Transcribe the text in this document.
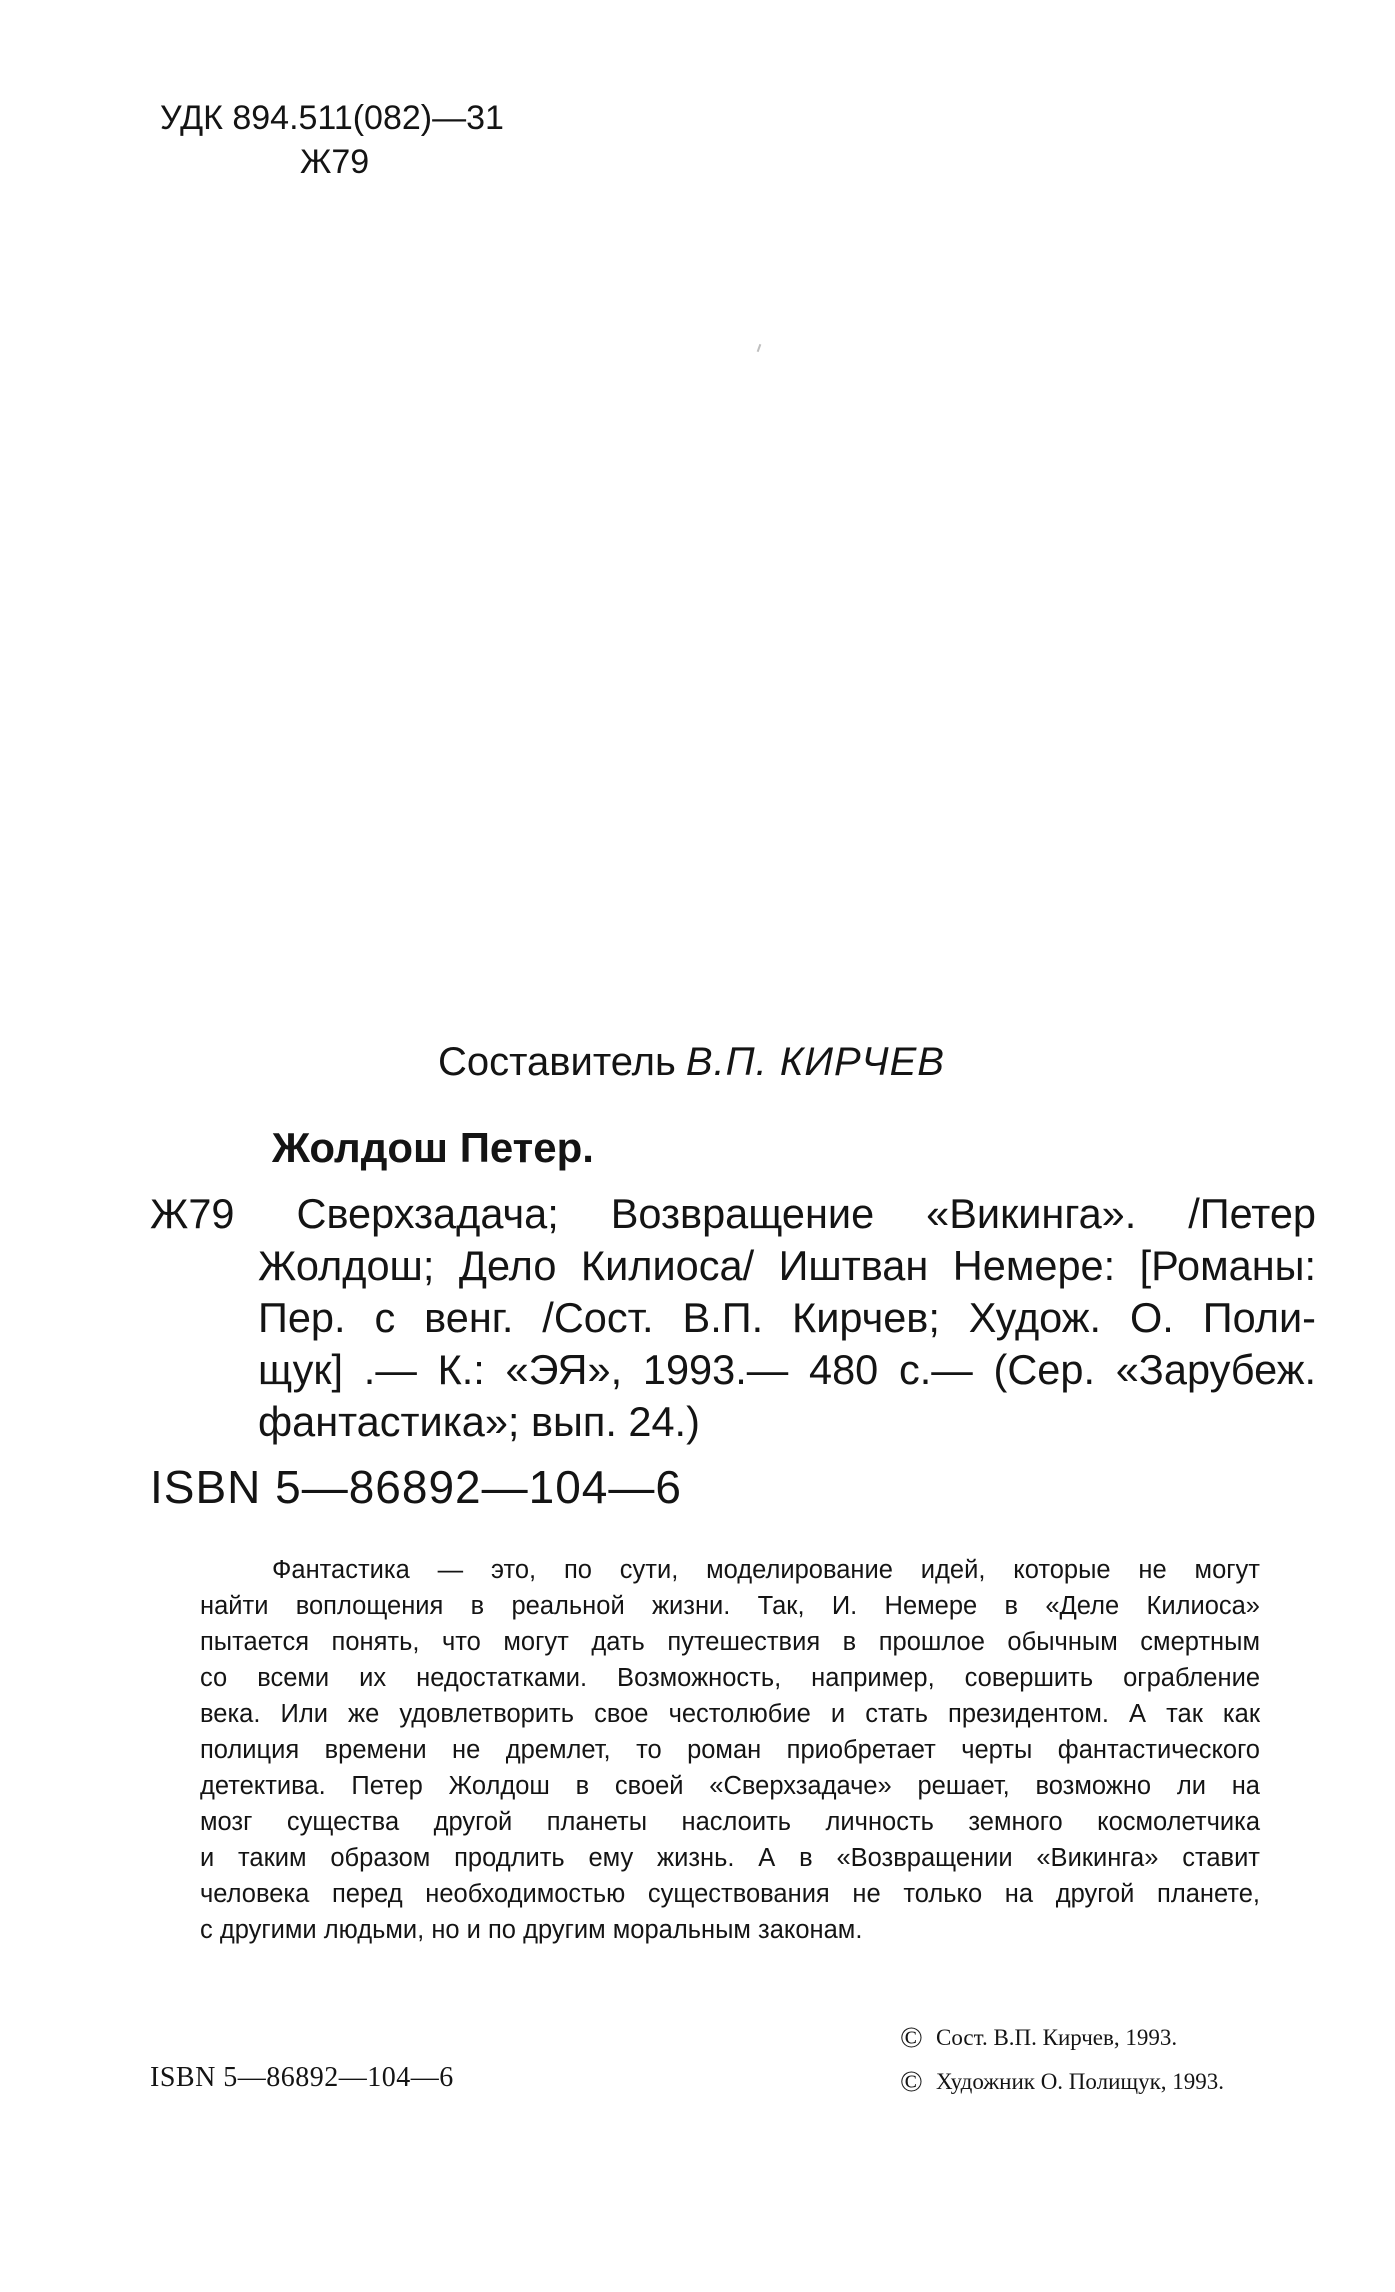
УДК 894.511(082)—31
Ж79
Составитель В.П. КИРЧЕВ
Жолдош Петер.
Ж79 Сверхзадача; Возвращение «Викинга». /Петер
Жолдош; Дело Килиоса/ Иштван Немере: [Романы:
Пер. с венг. /Сост. В.П. Кирчев; Худож. О. Поли-
щук] .— К.: «ЭЯ», 1993.— 480 с.— (Сер. «Зарубеж.
фантастика»; вып. 24.)
ISBN 5—86892—104—6
Фантастика — это, по сути, моделирование идей, которые не могут
найти воплощения в реальной жизни. Так, И. Немере в «Деле Килиоса»
пытается понять, что могут дать путешествия в прошлое обычным смертным
со всеми их недостатками. Возможность, например, совершить ограбление
века. Или же удовлетворить свое честолюбие и стать президентом. А так как
полиция времени не дремлет, то роман приобретает черты фантастического
детектива. Петер Жолдош в своей «Сверхзадаче» решает, возможно ли на
мозг существа другой планеты наслоить личность земного космолетчика
и таким образом продлить ему жизнь. А в «Возвращении «Викинга» ставит
человека перед необходимостью существования не только на другой планете,
с другими людьми, но и по другим моральным законам.
ISBN 5—86892—104—6
© Сост. В.П. Кирчев, 1993.
© Художник О. Полищук, 1993.
